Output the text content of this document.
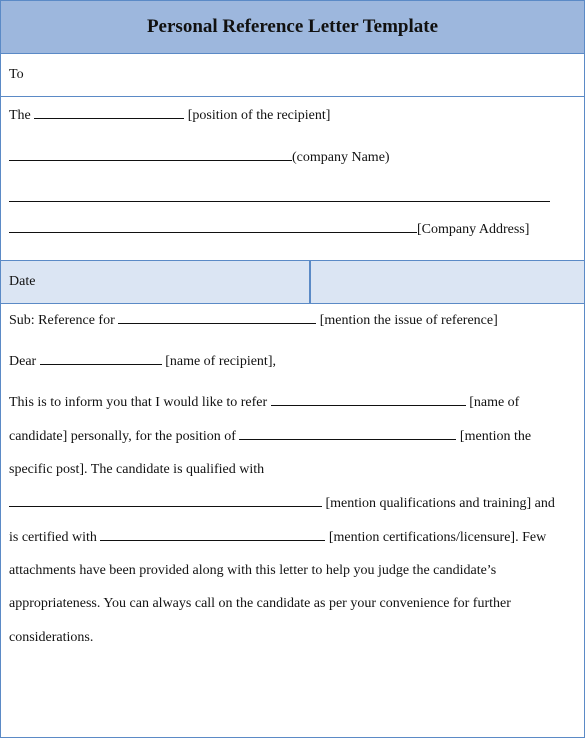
Personal Reference Letter Template
To
The	[position of the recipient]
(company Name)
[Company Address]
Date
Sub: Reference for	[mention the issue of reference]
Dear	[name of recipient],
This is to inform you that I would like to refer	[name of
candidate] personally, for the position of	[mention the
specific post]. The candidate is qualified with
[mention qualifications and training] and
is certified with	[mention certifications/licensure]. Few
attachments have been provided along with this letter to help you judge the candidate’s
appropriateness. You can always call on the candidate as per your convenience for further
considerations.
